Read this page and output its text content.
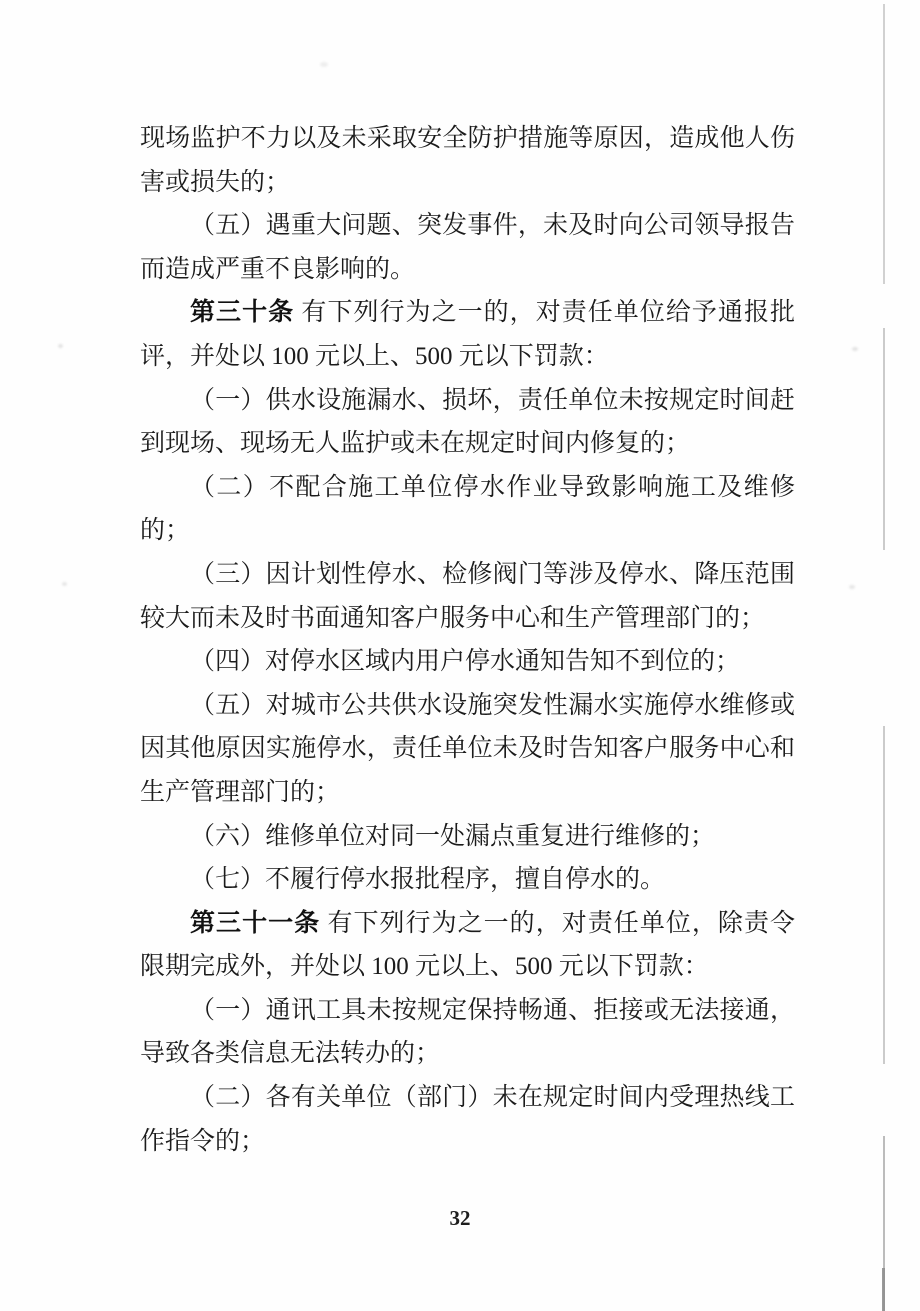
现场监护不力以及未采取安全防护措施等原因，造成他人伤害或损失的；

（五）遇重大问题、突发事件，未及时向公司领导报告而造成严重不良影响的。

第三十条 有下列行为之一的，对责任单位给予通报批评，并处以 100 元以上、500 元以下罚款：

（一）供水设施漏水、损坏，责任单位未按规定时间赶到现场、现场无人监护或未在规定时间内修复的；

（二）不配合施工单位停水作业导致影响施工及维修的；

（三）因计划性停水、检修阀门等涉及停水、降压范围较大而未及时书面通知客户服务中心和生产管理部门的；

（四）对停水区域内用户停水通知告知不到位的；

（五）对城市公共供水设施突发性漏水实施停水维修或因其他原因实施停水，责任单位未及时告知客户服务中心和生产管理部门的；

（六）维修单位对同一处漏点重复进行维修的；

（七）不履行停水报批程序，擅自停水的。

第三十一条 有下列行为之一的，对责任单位，除责令限期完成外，并处以 100 元以上、500 元以下罚款：

（一）通讯工具未按规定保持畅通、拒接或无法接通，导致各类信息无法转办的；

（二）各有关单位（部门）未在规定时间内受理热线工作指令的；

32
